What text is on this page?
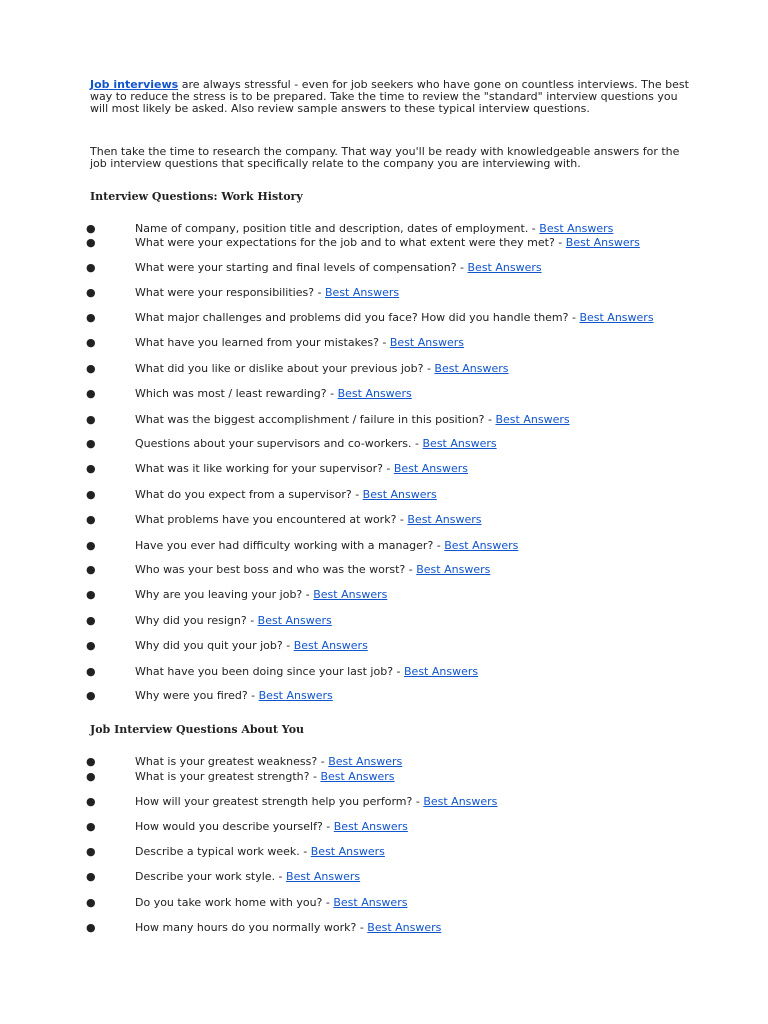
Job interviews are always stressful - even for job seekers who have gone on countless interviews. The best way to reduce the stress is to be prepared. Take the time to review the "standard" interview questions you will most likely be asked. Also review sample answers to these typical interview questions.

Then take the time to research the company. That way you'll be ready with knowledgeable answers for the job interview questions that specifically relate to the company you are interviewing with.

Interview Questions: Work History
●	Name of company, position title and description, dates of employment. - Best Answers
●	What were your expectations for the job and to what extent were they met? - Best Answers
●	What were your starting and final levels of compensation? - Best Answers
●	What were your responsibilities? - Best Answers
●	What major challenges and problems did you face? How did you handle them? - Best Answers
●	What have you learned from your mistakes? - Best Answers
●	What did you like or dislike about your previous job? - Best Answers
●	Which was most / least rewarding? - Best Answers
●	What was the biggest accomplishment / failure in this position? - Best Answers
●	Questions about your supervisors and co-workers. - Best Answers
●	What was it like working for your supervisor? - Best Answers
●	What do you expect from a supervisor? - Best Answers
●	What problems have you encountered at work? - Best Answers
●	Have you ever had difficulty working with a manager? - Best Answers
●	Who was your best boss and who was the worst? - Best Answers
●	Why are you leaving your job? - Best Answers
●	Why did you resign? - Best Answers
●	Why did you quit your job? - Best Answers
●	What have you been doing since your last job? - Best Answers
●	Why were you fired? - Best Answers
Job Interview Questions About You
●	What is your greatest weakness? - Best Answers
●	What is your greatest strength? - Best Answers
●	How will your greatest strength help you perform? - Best Answers
●	How would you describe yourself? - Best Answers
●	Describe a typical work week. - Best Answers
●	Describe your work style. - Best Answers
●	Do you take work home with you? - Best Answers
●	How many hours do you normally work? - Best Answers
